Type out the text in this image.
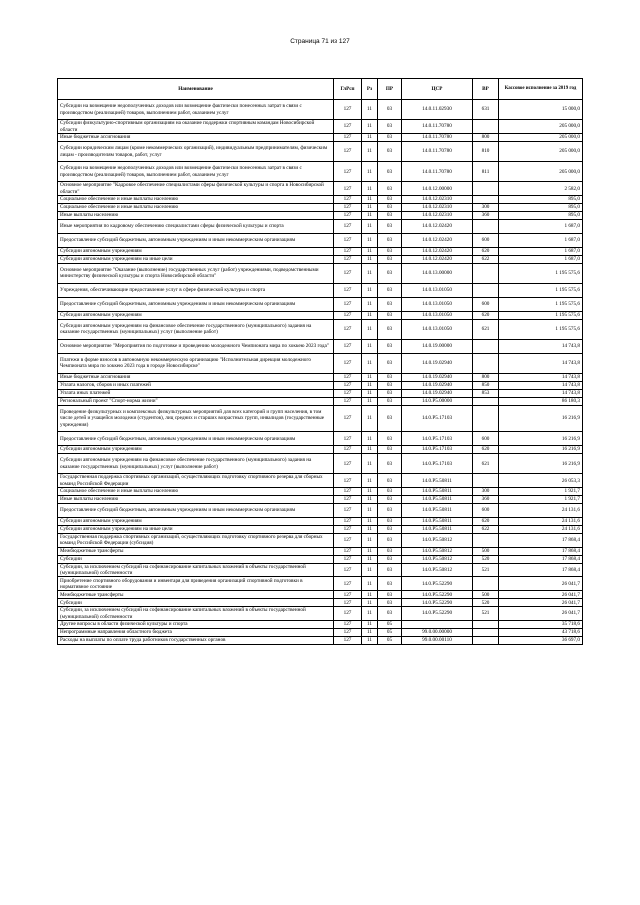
Страница 71 из 127
Наименование	ГлРсп	Рз	ПР	ЦСР	ВР	Кассовое исполнение за 2019 год
Субсидии на возмещение недополученных доходов или возмещение фактически понесенных затрат в связи с производством (реализацией) товаров, выполнением работ, оказанием услуг	127	11	03	14.0.11.02930	631	15 000,0
Субсидии физкультурно-спортивным организациям на оказание поддержки спортивным командам Новосибирской области	127	11	03	14.0.11.70780		205 000,0
Иные бюджетные ассигнования	127	11	03	14.0.11.70780	800	205 000,0
Субсидии юридическим лицам (кроме некоммерческих организаций), индивидуальным предпринимателям, физическим лицам - производителям товаров, работ, услуг	127	11	03	14.0.11.70780	810	205 000,0
Субсидии на возмещение недополученных доходов или возмещение фактически понесенных затрат в связи с производством (реализацией) товаров, выполнением работ, оказанием услуг	127	11	03	14.0.11.70780	811	205 000,0
Основное мероприятие "Кадровое обеспечение специалистами сферы физической культуры и спорта в Новосибирской области"	127	11	03	14.0.12.00000		2 582,0
Социальное обеспечение и иные выплаты населению	127	11	03	14.0.12.02310		895,0
Социальное обеспечение и иные выплаты населению	127	11	03	14.0.12.02310	300	895,0
Иные выплаты населению	127	11	03	14.0.12.02310	360	895,0
Иные мероприятия по кадровому обеспечению специалистами сферы физической культуры и спорта	127	11	03	14.0.12.02420		1 687,0
Предоставление субсидий бюджетным, автономным учреждениям и иным некоммерческим организациям	127	11	03	14.0.12.02420	600	1 687,0
Субсидии автономным учреждениям	127	11	03	14.0.12.02420	620	1 687,0
Субсидии автономным учреждениям на иные цели	127	11	03	14.0.12.02420	622	1 687,0
Основное мероприятие "Оказание (выполнение) государственных услуг (работ) учреждениями, подведомственными министерству физической культуры и спорта Новосибирской области"	127	11	03	14.0.13.00000		1 195 575,6
Учреждения, обеспечивающие предоставление услуг в сфере физической культуры и спорта	127	11	03	14.0.13.01050		1 195 575,6
Предоставление субсидий бюджетным, автономным учреждениям и иным некоммерческим организациям	127	11	03	14.0.13.01050	600	1 195 575,6
Субсидии автономным учреждениям	127	11	03	14.0.13.01050	620	1 195 575,6
Субсидии автономным учреждениям на финансовое обеспечение государственного (муниципального) задания на оказание государственных (муниципальных) услуг (выполнение работ)	127	11	03	14.0.13.01050	621	1 195 575,6
Основное мероприятие "Мероприятия по подготовке и проведению молодежного Чемпионата мира по хоккею 2023 года"	127	11	03	14.0.19.00000		14 743,8
Платежи в форме взносов в автономную некоммерческую организацию "Исполнительная дирекция молодежного Чемпионата мира по хоккею 2023 года в городе Новосибирске"	127	11	03	14.0.19.02940		14 743,8
Иные бюджетные ассигнования	127	11	03	14.0.19.02940	800	14 743,8
Уплата налогов, сборов и иных платежей	127	11	03	14.0.19.02940	850	14 743,8
Уплата иных платежей	127	11	03	14.0.19.02940	853	14 743,8
Региональный проект "Спорт-норма жизни"	127	11	03	14.0.P5.00000		86 180,3
Проведение физкультурных и комплексных физкультурных мероприятий для всех категорий и групп населения, в том числе детей и учащейся молодежи (студентов), лиц средних и старших возрастных групп, инвалидов (государственные учреждения)	127	11	03	14.0.P5.17103		16 216,9
Предоставление субсидий бюджетным, автономным учреждениям и иным некоммерческим организациям	127	11	03	14.0.P5.17103	600	16 216,9
Субсидии автономным учреждениям	127	11	03	14.0.P5.17103	620	16 216,9
Субсидии автономным учреждениям на финансовое обеспечение государственного (муниципального) задания на оказание государственных (муниципальных) услуг (выполнение работ)	127	11	03	14.0.P5.17103	621	16 216,9
Государственная поддержка спортивных организаций, осуществляющих подготовку спортивного резерва для сборных команд Российской Федерации	127	11	03	14.0.P5.50811		26 053,3
Социальное обеспечение и иные выплаты населению	127	11	03	14.0.P5.50811	300	1 921,7
Иные выплаты населению	127	11	03	14.0.P5.50811	360	1 921,7
Предоставление субсидий бюджетным, автономным учреждениям и иным некоммерческим организациям	127	11	03	14.0.P5.50811	600	24 131,6
Субсидии автономным учреждениям	127	11	03	14.0.P5.50811	620	24 131,6
Субсидии автономным учреждениям на иные цели	127	11	03	14.0.P5.50811	622	24 131,6
Государственная поддержка спортивных организаций, осуществляющих подготовку спортивного резерва для сборных команд Российской Федерации (субсидия)	127	11	03	14.0.P5.50812		17 868,4
Межбюджетные трансферты	127	11	03	14.0.P5.50812	500	17 868,4
Субсидии	127	11	03	14.0.P5.50812	520	17 868,4
Субсидии, за исключением субсидий на софинансирование капитальных вложений в объекты государственной (муниципальной) собственности	127	11	03	14.0.P5.50812	521	17 868,4
Приобретение спортивного оборудования и инвентаря для приведения организаций спортивной подготовки в нормативное состояние	127	11	03	14.0.P5.52290		26 041,7
Межбюджетные трансферты	127	11	03	14.0.P5.52290	500	26 041,7
Субсидии	127	11	03	14.0.P5.52290	520	26 041,7
Субсидии, за исключением субсидий на софинансирование капитальных вложений в объекты государственной (муниципальной) собственности	127	11	03	14.0.P5.52290	521	26 041,7
Другие вопросы в области физической культуры и спорта	127	11	05			35 718,6
Непрограммные направления областного бюджета	127	11	05	99.0.00.00000		43 718,6
Расходы на выплаты по оплате труда работников государственных органов	127	11	05	99.0.00.00110		36 697,0
